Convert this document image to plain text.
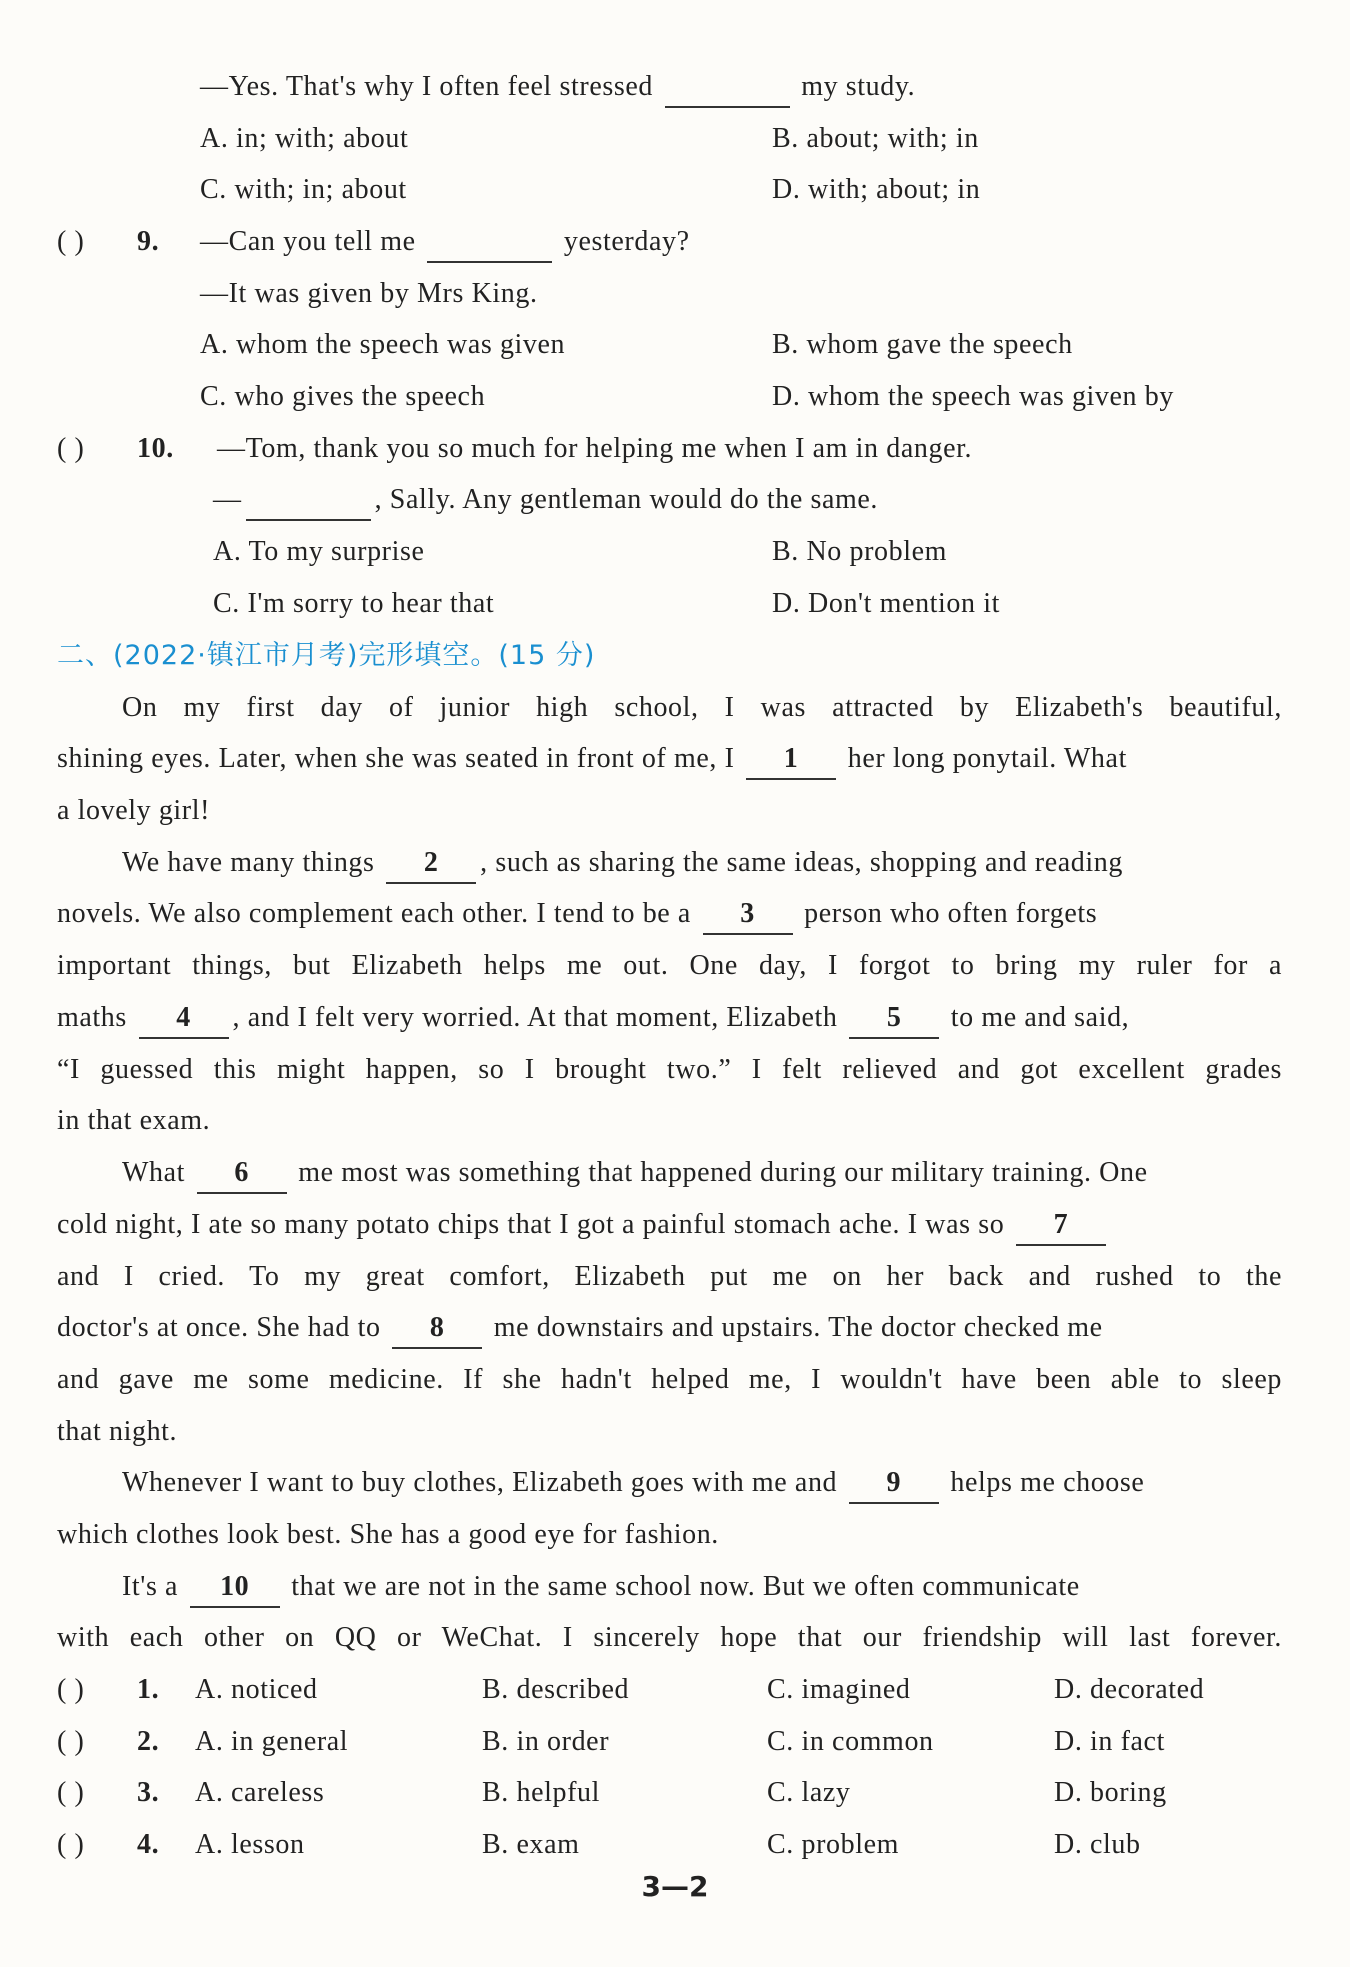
—Yes. That's why I often feel stressed	my study.
A. in; with; about	B. about; with; in
C. with; in; about	D. with; about; in
( ) 9. —Can you tell me	yesterday?
—It was given by Mrs King.
A. whom the speech was given	B. whom gave the speech
C. who gives the speech	D. whom the speech was given by
( ) 10. —Tom, thank you so much for helping me when I am in danger.
—	, Sally. Any gentleman would do the same.
A. To my surprise	B. No problem
C. I'm sorry to hear that	D. Don't mention it
二、(2022·镇江市月考)完形填空。(15 分)
On my first day of junior high school, I was attracted by Elizabeth's beautiful,
shining eyes. Later, when she was seated in front of me, I 1 her long ponytail. What
a lovely girl!
We have many things 2 , such as sharing the same ideas, shopping and reading
novels. We also complement each other. I tend to be a 3 person who often forgets
important things, but Elizabeth helps me out. One day, I forgot to bring my ruler for a
maths 4 , and I felt very worried. At that moment, Elizabeth 5 to me and said,
“I guessed this might happen, so I brought two.” I felt relieved and got excellent grades
in that exam.
What 6 me most was something that happened during our military training. One
cold night, I ate so many potato chips that I got a painful stomach ache. I was so 7
and I cried. To my great comfort, Elizabeth put me on her back and rushed to the
doctor's at once. She had to 8 me downstairs and upstairs. The doctor checked me
and gave me some medicine. If she hadn't helped me, I wouldn't have been able to sleep
that night.
Whenever I want to buy clothes, Elizabeth goes with me and 9 helps me choose
which clothes look best. She has a good eye for fashion.
It's a 10 that we are not in the same school now. But we often communicate
with each other on QQ or WeChat. I sincerely hope that our friendship will last forever.
( ) 1. A. noticed	B. described	C. imagined	D. decorated
( ) 2. A. in general	B. in order	C. in common	D. in fact
( ) 3. A. careless	B. helpful	C. lazy	D. boring
( ) 4. A. lesson	B. exam	C. problem	D. club
3—2
